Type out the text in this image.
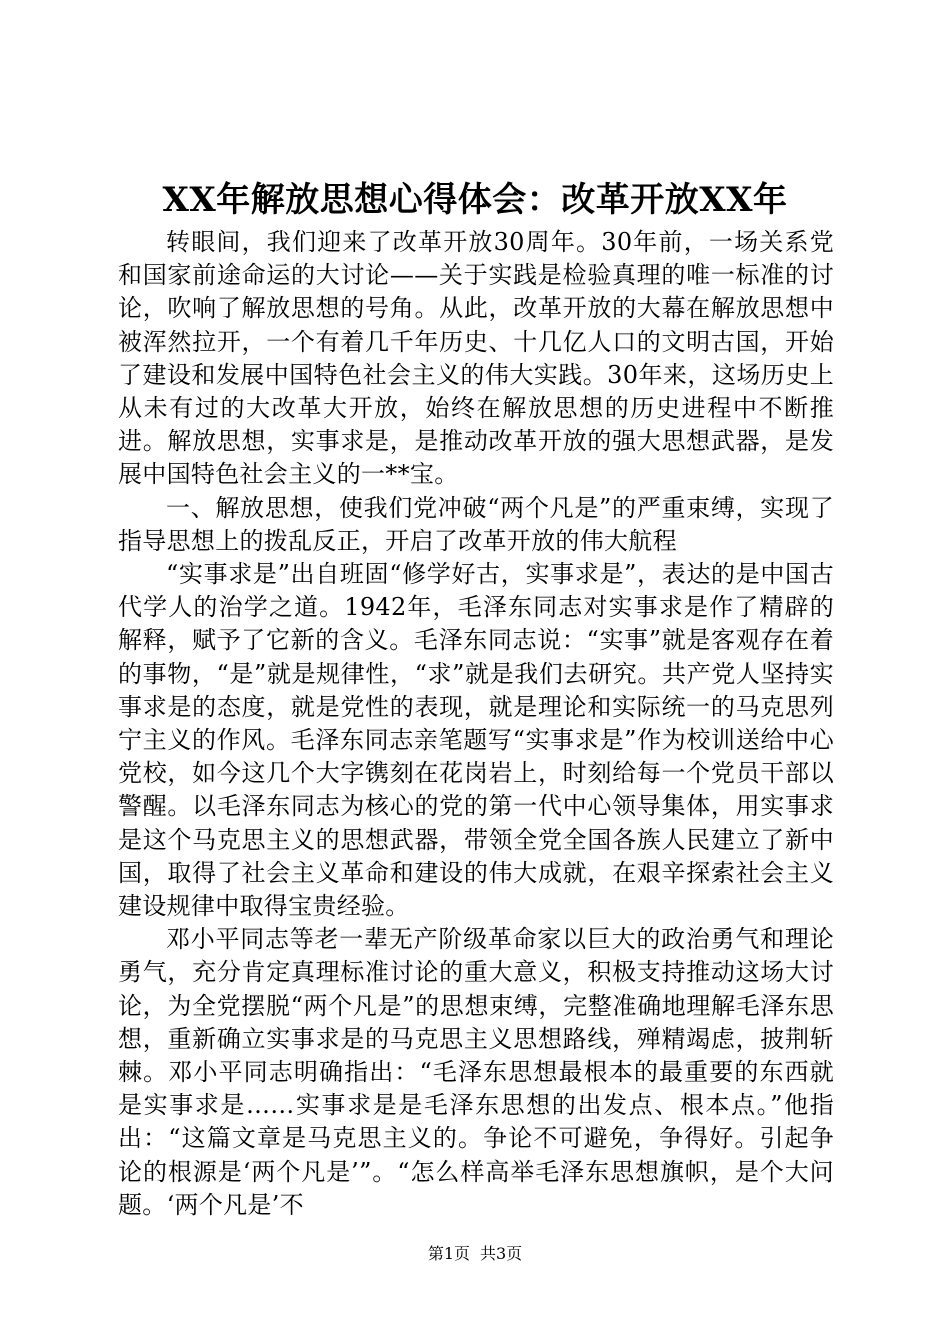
XX年解放思想心得体会：改革开放XX年

转眼间，我们迎来了改革开放30周年。30年前，一场关系党和国家前途命运的大讨论——关于实践是检验真理的唯一标准的讨论，吹响了解放思想的号角。从此，改革开放的大幕在解放思想中被浑然拉开，一个有着几千年历史、十几亿人口的文明古国，开始了建设和发展中国特色社会主义的伟大实践。30年来，这场历史上从未有过的大改革大开放，始终在解放思想的历史进程中不断推进。解放思想，实事求是，是推动改革开放的强大思想武器，是发展中国特色社会主义的一**宝。

一、解放思想，使我们党冲破“两个凡是”的严重束缚，实现了指导思想上的拨乱反正，开启了改革开放的伟大航程

“实事求是”出自班固“修学好古，实事求是”，表达的是中国古代学人的治学之道。1942年，毛泽东同志对实事求是作了精辟的解释，赋予了它新的含义。毛泽东同志说：“实事”就是客观存在着的事物，“是”就是规律性，“求”就是我们去研究。共产党人坚持实事求是的态度，就是党性的表现，就是理论和实际统一的马克思列宁主义的作风。毛泽东同志亲笔题写“实事求是”作为校训送给中心党校，如今这几个大字镌刻在花岗岩上，时刻给每一个党员干部以警醒。以毛泽东同志为核心的党的第一代中心领导集体，用实事求是这个马克思主义的思想武器，带领全党全国各族人民建立了新中国，取得了社会主义革命和建设的伟大成就，在艰辛探索社会主义建设规律中取得宝贵经验。

邓小平同志等老一辈无产阶级革命家以巨大的政治勇气和理论勇气，充分肯定真理标准讨论的重大意义，积极支持推动这场大讨论，为全党摆脱“两个凡是”的思想束缚，完整准确地理解毛泽东思想，重新确立实事求是的马克思主义思想路线，殚精竭虑，披荆斩棘。邓小平同志明确指出：“毛泽东思想最根本的最重要的东西就是实事求是……实事求是是毛泽东思想的出发点、根本点。”他指出：“这篇文章是马克思主义的。争论不可避免，争得好。引起争论的根源是‘两个凡是’”。“怎么样高举毛泽东思想旗帜，是个大问题。‘两个凡是’不

第1页 共3页
